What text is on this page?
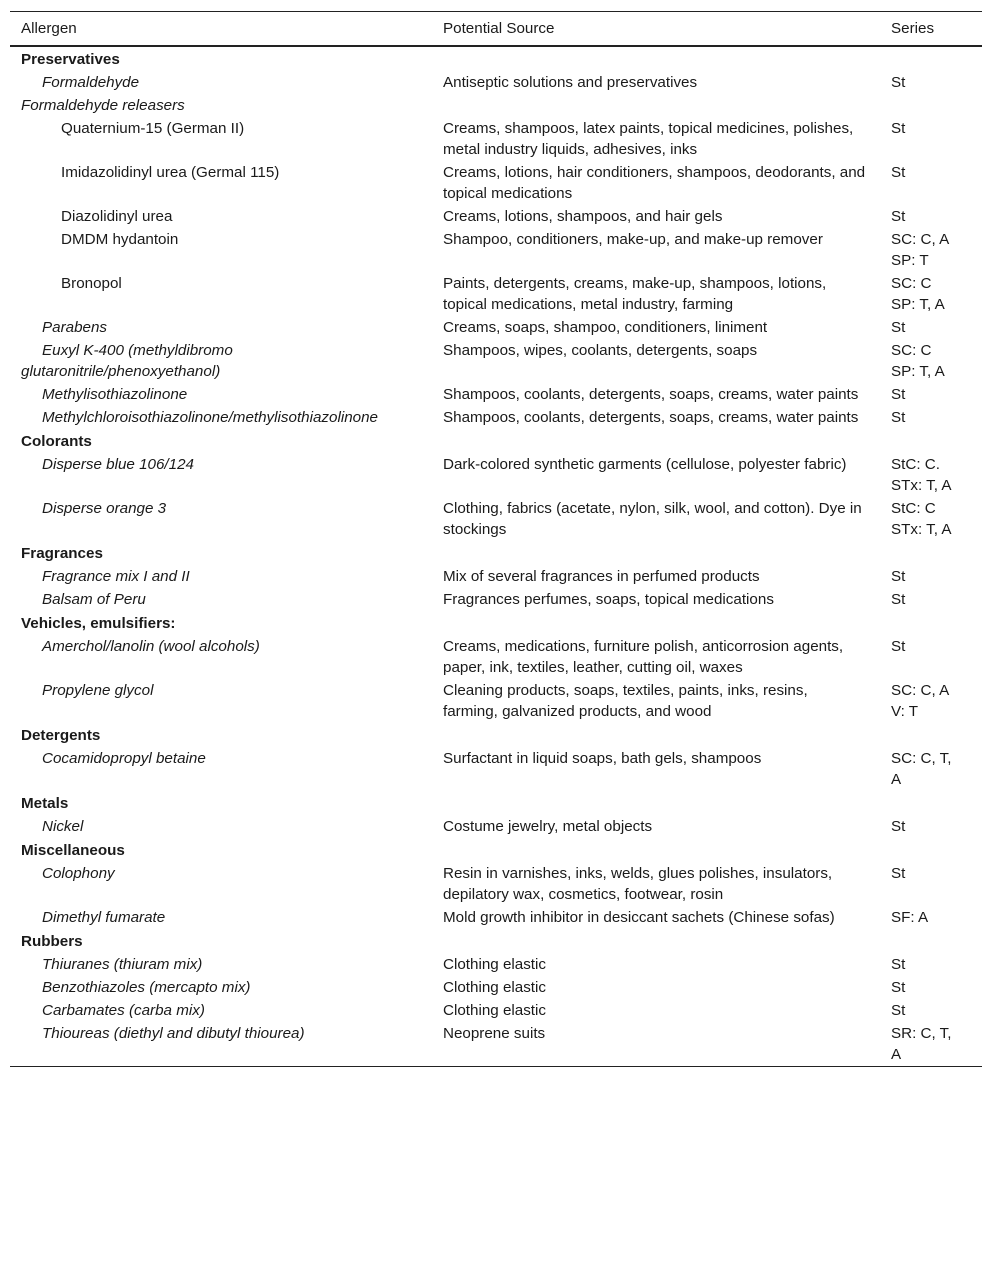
Allergen	Potential Source	Series
Preservatives		
Formaldehyde	Antiseptic solutions and preservatives	St

Formaldehyde releasers		
Quaternium-15 (German II)	Creams, shampoos, latex paints, topical medicines, polishes, metal industry liquids, adhesives, inks	St

Imidazolidinyl urea (Germal 115)	Creams, lotions, hair conditioners, shampoos, deodorants, and topical medications	St

Diazolidinyl urea	Creams, lotions, shampoos, and hair gels	St

DMDM hydantoin	Shampoo, conditioners, make-up, and make-up remover	SC: C, A
SP: T

Bronopol	Paints, detergents, creams, make-up, shampoos, lotions, topical medications, metal industry, farming	SC: C
SP: T, A

Parabens	Creams, soaps, shampoo, conditioners, liniment	St

Euxyl K-400 (methyldibromo glutaronitrile/phenoxyethanol)	Shampoos, wipes, coolants, detergents, soaps	SC: C
SP: T, A

Methylisothiazolinone	Shampoos, coolants, detergents, soaps, creams, water paints	St

Methylchloroisothiazolinone/methylisothiazolinone	Shampoos, coolants, detergents, soaps, creams, water paints	St

Colorants		
Disperse blue 106/124	Dark-colored synthetic garments (cellulose, polyester fabric)	StC: C.
STx: T, A

Disperse orange 3	Clothing, fabrics (acetate, nylon, silk, wool, and cotton). Dye in stockings	StC: C
STx: T, A

Fragrances		
Fragrance mix I and II	Mix of several fragrances in perfumed products	St

Balsam of Peru	Fragrances perfumes, soaps, topical medications	St

Vehicles, emulsifiers:		
Amerchol/lanolin (wool alcohols)	Creams, medications, furniture polish, anticorrosion agents, paper, ink, textiles, leather, cutting oil, waxes	St

Propylene glycol	Cleaning products, soaps, textiles, paints, inks, resins, farming, galvanized products, and wood	SC: C, A
V: T

Detergents		
Cocamidopropyl betaine	Surfactant in liquid soaps, bath gels, shampoos	SC: C, T, A

Metals		
Nickel	Costume jewelry, metal objects	St

Miscellaneous		
Colophony	Resin in varnishes, inks, welds, glues polishes, insulators, depilatory wax, cosmetics, footwear, rosin	St

Dimethyl fumarate	Mold growth inhibitor in desiccant sachets (Chinese sofas)	SF: A

Rubbers		
Thiuranes (thiuram mix)	Clothing elastic	St

Benzothiazoles (mercapto mix)	Clothing elastic	St

Carbamates (carba mix)	Clothing elastic	St

Thioureas (diethyl and dibutyl thiourea)	Neoprene suits	SR: C, T, A
